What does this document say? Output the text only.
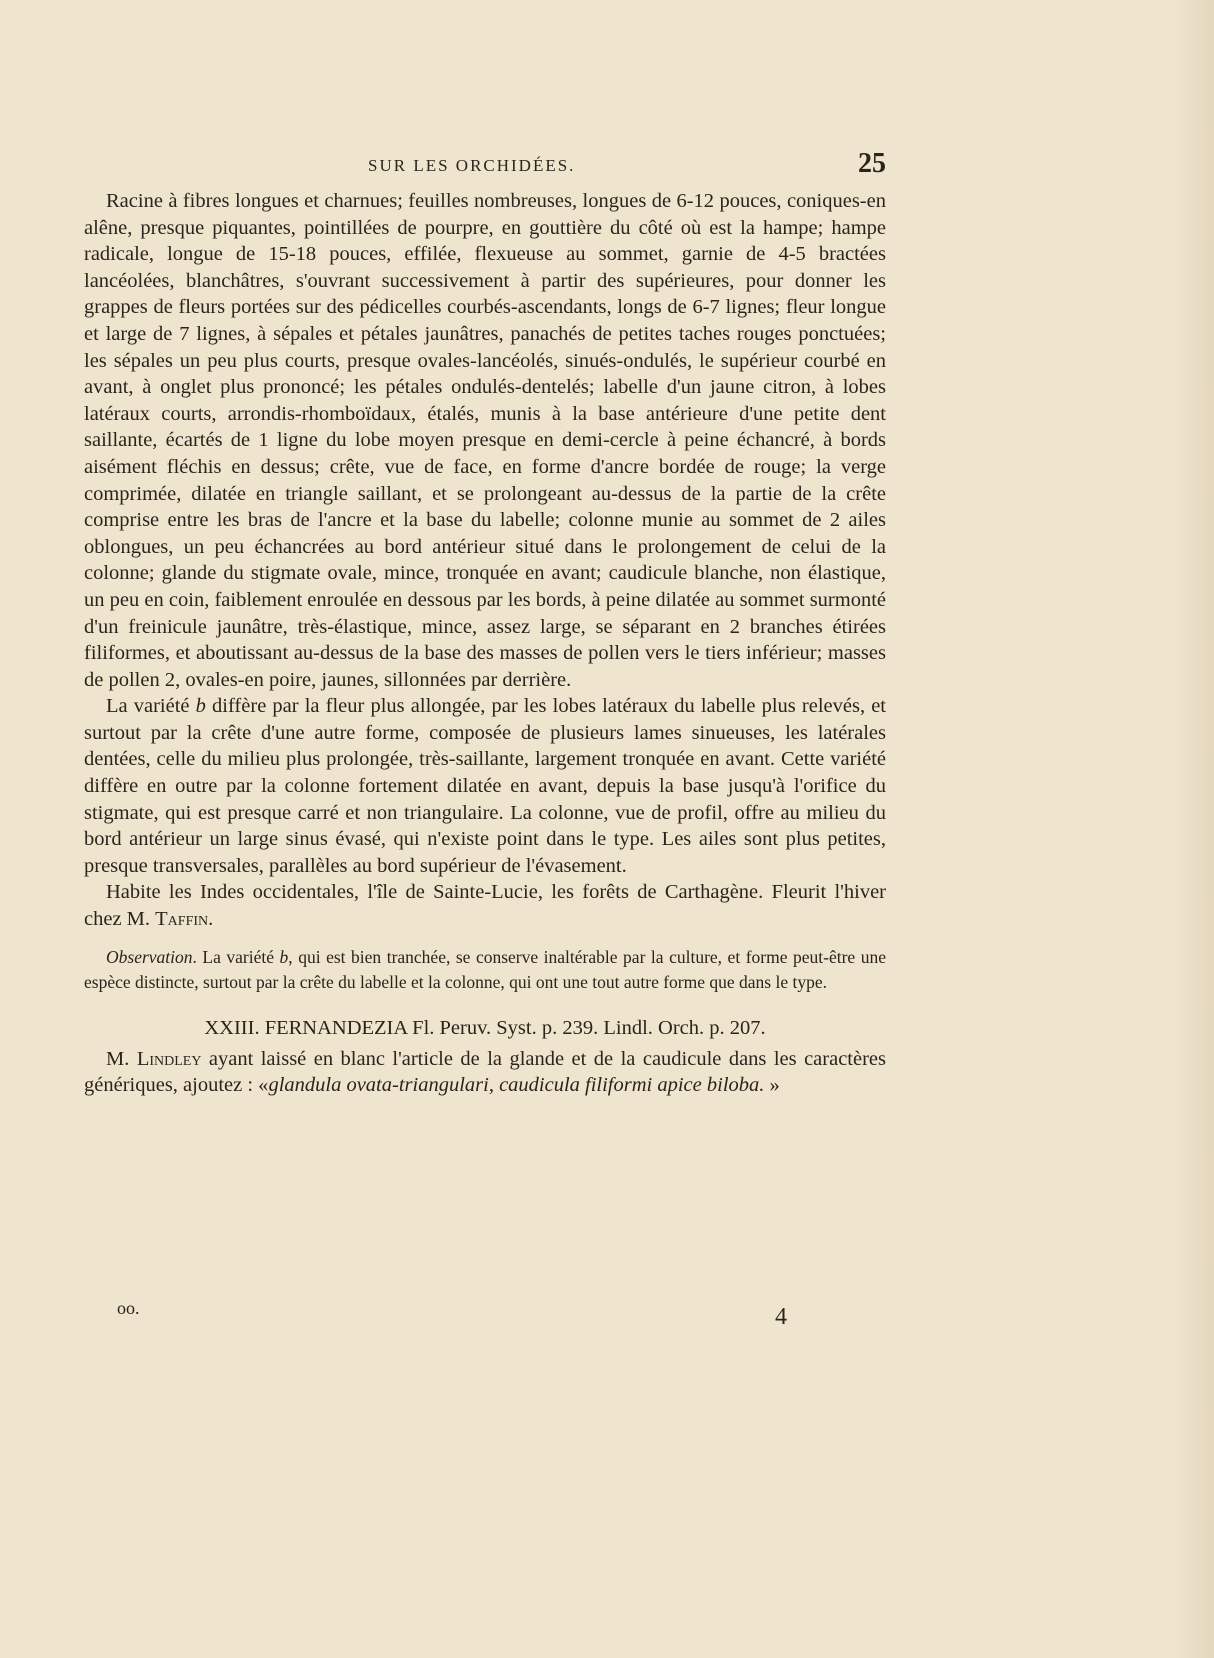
SUR LES ORCHIDÉES.	25

Racine à fibres longues et charnues; feuilles nombreuses, longues de 6-12 pouces, coniques-en alêne, presque piquantes, pointillées de pourpre, en gouttière du côté où est la hampe; hampe radicale, longue de 15-18 pouces, effilée, flexueuse au sommet, garnie de 4-5 bractées lancéolées, blanchâtres, s'ouvrant successivement à partir des supérieures, pour donner les grappes de fleurs portées sur des pédicelles courbés-ascendants, longs de 6-7 lignes; fleur longue et large de 7 lignes, à sépales et pétales jaunâtres, panachés de petites taches rouges ponctuées; les sépales un peu plus courts, presque ovales-lancéolés, sinués-ondulés, le supérieur courbé en avant, à onglet plus prononcé; les pétales ondulés-dentelés; labelle d'un jaune citron, à lobes latéraux courts, arrondis-rhomboïdaux, étalés, munis à la base antérieure d'une petite dent saillante, écartés de 1 ligne du lobe moyen presque en demi-cercle à peine échancré, à bords aisément fléchis en dessus; crête, vue de face, en forme d'ancre bordée de rouge; la verge comprimée, dilatée en triangle saillant, et se prolongeant au-dessus de la partie de la crête comprise entre les bras de l'ancre et la base du labelle; colonne munie au sommet de 2 ailes oblongues, un peu échancrées au bord antérieur situé dans le prolongement de celui de la colonne; glande du stigmate ovale, mince, tronquée en avant; caudicule blanche, non élastique, un peu en coin, faiblement enroulée en dessous par les bords, à peine dilatée au sommet surmonté d'un freinicule jaunâtre, très-élastique, mince, assez large, se séparant en 2 branches étirées filiformes, et aboutissant au-dessus de la base des masses de pollen vers le tiers inférieur; masses de pollen 2, ovales-en poire, jaunes, sillonnées par derrière.

La variété b diffère par la fleur plus allongée, par les lobes latéraux du labelle plus relevés, et surtout par la crête d'une autre forme, composée de plusieurs lames sinueuses, les latérales dentées, celle du milieu plus prolongée, très-saillante, largement tronquée en avant. Cette variété diffère en outre par la colonne fortement dilatée en avant, depuis la base jusqu'à l'orifice du stigmate, qui est presque carré et non triangulaire. La colonne, vue de profil, offre au milieu du bord antérieur un large sinus évasé, qui n'existe point dans le type. Les ailes sont plus petites, presque transversales, parallèles au bord supérieur de l'évasement.

Habite les Indes occidentales, l'île de Sainte-Lucie, les forêts de Carthagène. Fleurit l'hiver chez M. Taffin.

Observation. La variété b, qui est bien tranchée, se conserve inaltérable par la culture, et forme peut-être une espèce distincte, surtout par la crête du labelle et la colonne, qui ont une tout autre forme que dans le type.

XXIII. FERNANDEZIA Fl. Peruv. Syst. p. 239. Lindl. Orch. p. 207.

M. Lindley ayant laissé en blanc l'article de la glande et de la caudicule dans les caractères génériques, ajoutez : «glandula ovata-triangulari, caudicula filiformi apice biloba. »

oo.	4
